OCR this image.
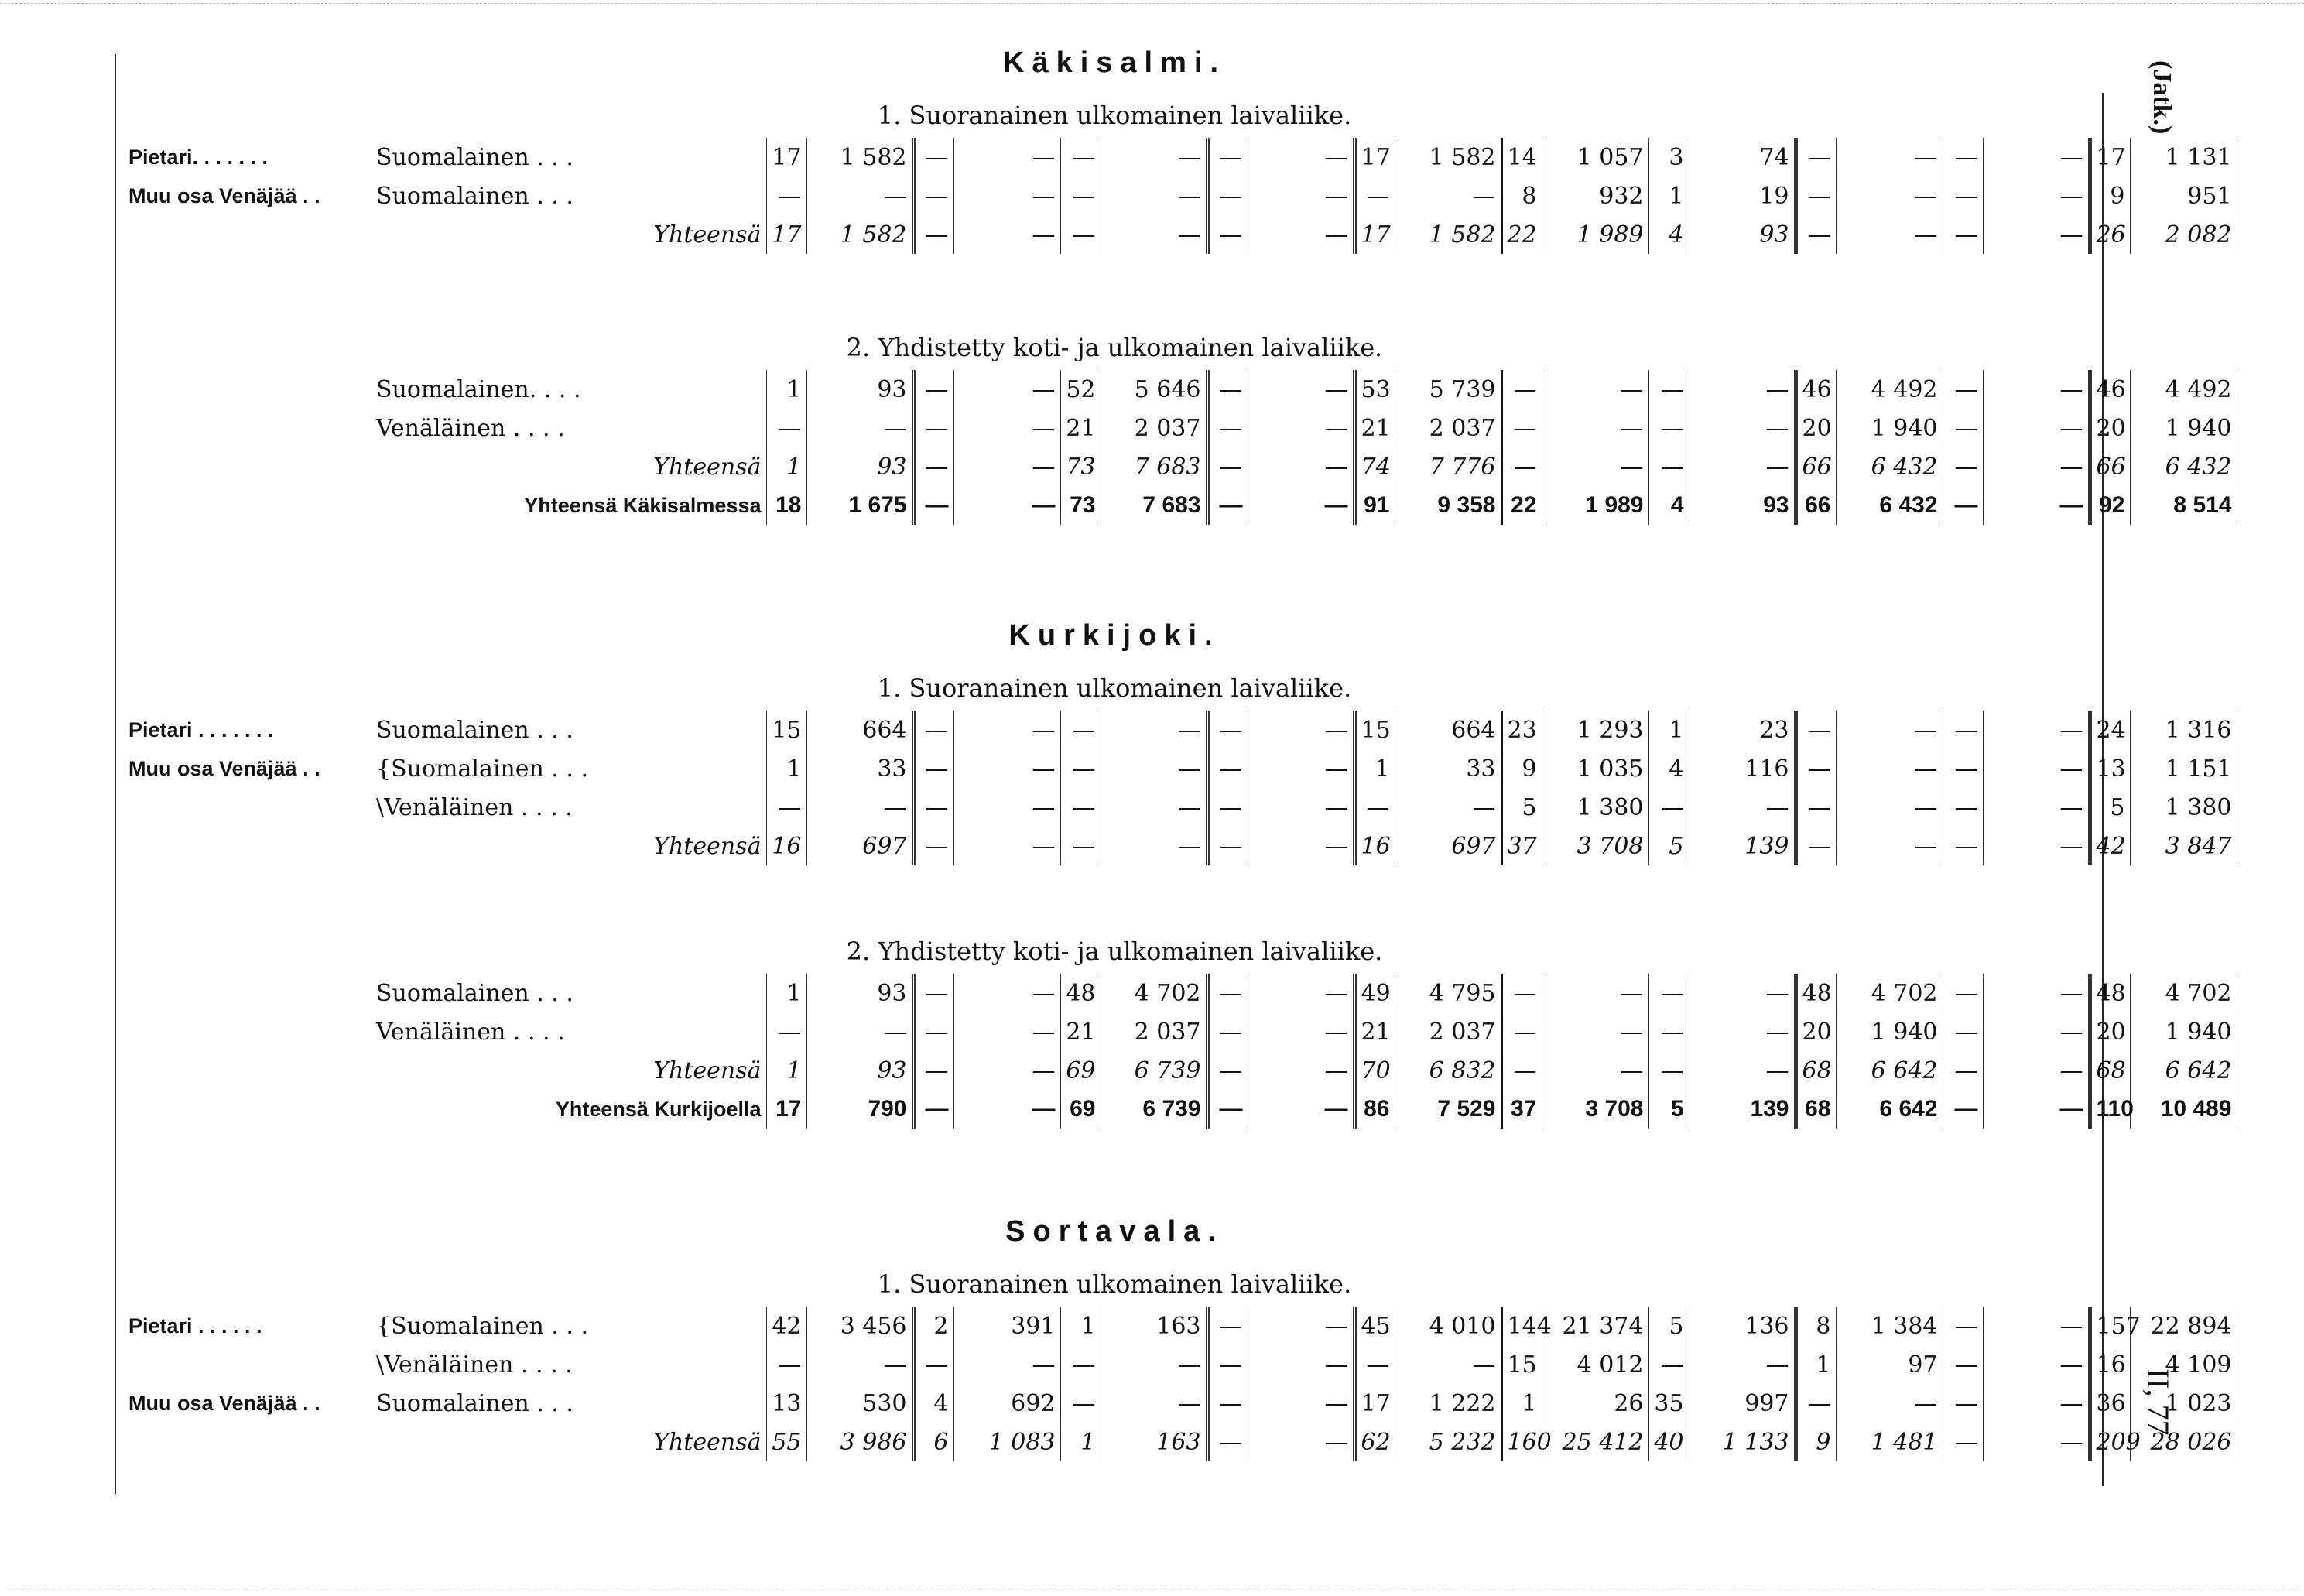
(Jatk.)
II, 77
Käkisalmi.
1. Suoranainen ulkomainen laivaliike.
Pietari. . . . . . .	Suomalainen . . .	17	1 582	—	—	—	—	—	—	17	1 582	14	1 057	3	74	—	—	—	—	17	1 131
Muu osa Venäjää . .	Suomalainen . . .	—	—	—	—	—	—	—	—	—	—	8	932	1	19	—	—	—	—	9	951
	Yhteensä	17	1 582	—	—	—	—	—	—	17	1 582	22	1 989	4	93	—	—	—	—	26	2 082
2. Yhdistetty koti- ja ulkomainen laivaliike.
	Suomalainen. . . .	1	93	—	—	52	5 646	—	—	53	5 739	—	—	—	—	46	4 492	—	—	46	4 492
	Venäläinen . . . .	—	—	—	—	21	2 037	—	—	21	2 037	—	—	—	—	20	1 940	—	—	20	1 940
	Yhteensä	1	93	—	—	73	7 683	—	—	74	7 776	—	—	—	—	66	6 432	—	—	66	6 432
	Yhteensä Käkisalmessa	18	1 675	—	—	73	7 683	—	—	91	9 358	22	1 989	4	93	66	6 432	—	—	92	8 514
Kurkijoki.
1. Suoranainen ulkomainen laivaliike.
Pietari . . . . . . .	Suomalainen . . .	15	664	—	—	—	—	—	—	15	664	23	1 293	1	23	—	—	—	—	24	1 316
Muu osa Venäjää . .	{Suomalainen . . .	1	33	—	—	—	—	—	—	1	33	9	1 035	4	116	—	—	—	—	13	1 151
	\Venäläinen . . . .	—	—	—	—	—	—	—	—	—	—	5	1 380	—	—	—	—	—	—	5	1 380
	Yhteensä	16	697	—	—	—	—	—	—	16	697	37	3 708	5	139	—	—	—	—	42	3 847
2. Yhdistetty koti- ja ulkomainen laivaliike.
	Suomalainen . . .	1	93	—	—	48	4 702	—	—	49	4 795	—	—	—	—	48	4 702	—	—	48	4 702
	Venäläinen . . . .	—	—	—	—	21	2 037	—	—	21	2 037	—	—	—	—	20	1 940	—	—	20	1 940
	Yhteensä	1	93	—	—	69	6 739	—	—	70	6 832	—	—	—	—	68	6 642	—	—	68	6 642
	Yhteensä Kurkijoella	17	790	—	—	69	6 739	—	—	86	7 529	37	3 708	5	139	68	6 642	—	—	110	10 489
Sortavala.
1. Suoranainen ulkomainen laivaliike.
Pietari . . . . . .	{Suomalainen . . .	42	3 456	2	391	1	163	—	—	45	4 010	144	21 374	5	136	8	1 384	—	—	157	22 894
	\Venäläinen . . . .	—	—	—	—	—	—	—	—	—	—	15	4 012	—	—	1	97	—	—	16	4 109
Muu osa Venäjää . .	Suomalainen . . .	13	530	4	692	—	—	—	—	17	1 222	1	26	35	997	—	—	—	—	36	1 023
	Yhteensä	55	3 986	6	1 083	1	163	—	—	62	5 232	160	25 412	40	1 133	9	1 481	—	—	209	28 026
